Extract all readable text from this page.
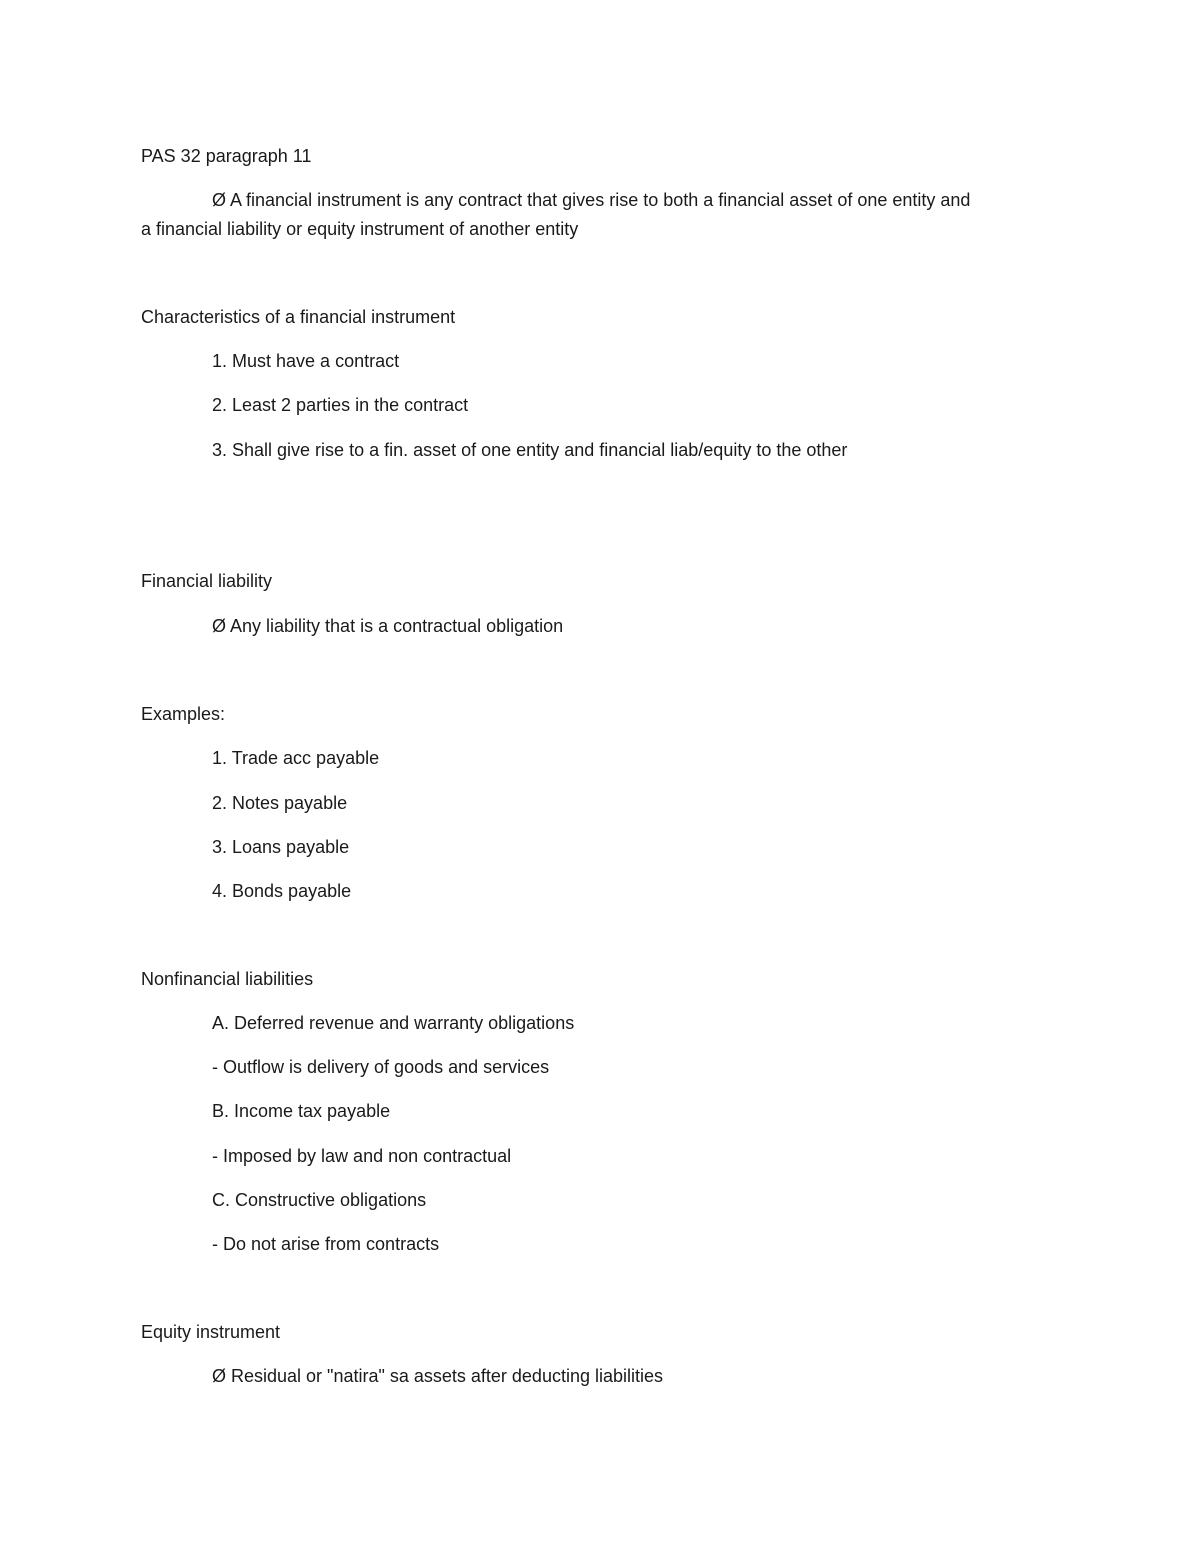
PAS 32 paragraph 11
Ø A financial instrument is any contract that gives rise to both a financial asset of one entity and
a financial liability or equity instrument of another entity
Characteristics of a financial instrument
1. Must have a contract
2. Least 2 parties in the contract
3. Shall give rise to a fin. asset of one entity and financial liab/equity to the other
Financial liability
Ø Any liability that is a contractual obligation
Examples:
1. Trade acc payable
2. Notes payable
3. Loans payable
4. Bonds payable
Nonfinancial liabilities
A. Deferred revenue and warranty obligations
- Outflow is delivery of goods and services
B. Income tax payable
- Imposed by law and non contractual
C. Constructive obligations
- Do not arise from contracts
Equity instrument
Ø Residual or "natira" sa assets after deducting liabilities
